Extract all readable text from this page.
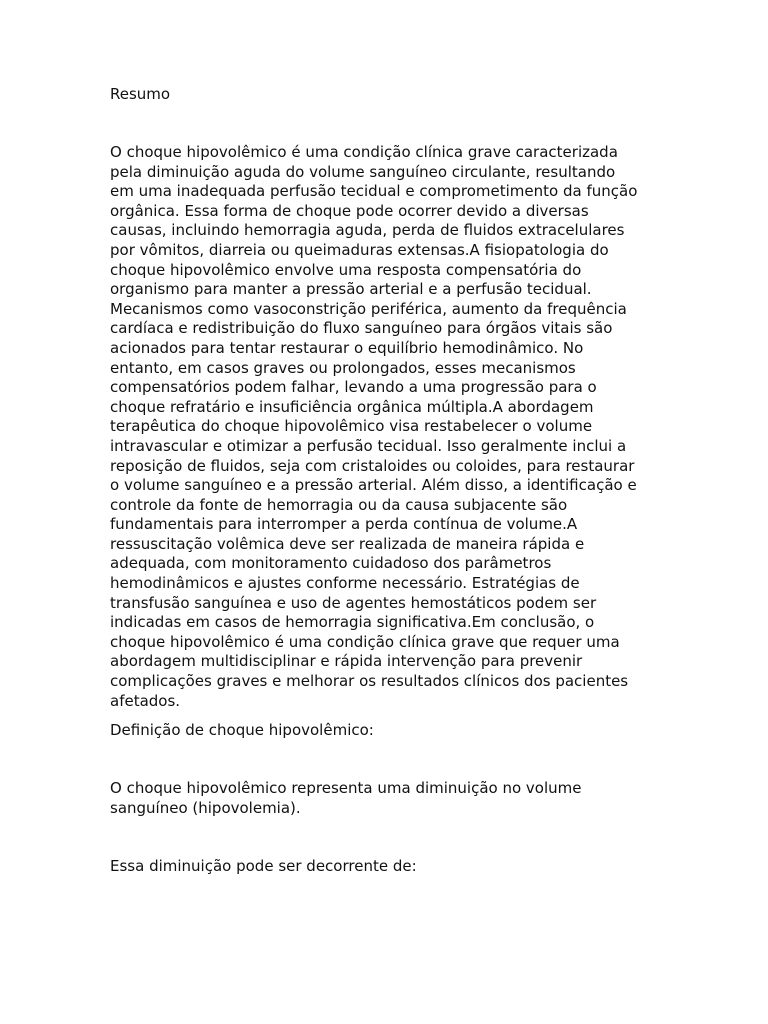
Resumo

O choque hipovolêmico é uma condição clínica grave caracterizada
pela diminuição aguda do volume sanguíneo circulante, resultando
em uma inadequada perfusão tecidual e comprometimento da função
orgânica. Essa forma de choque pode ocorrer devido a diversas
causas, incluindo hemorragia aguda, perda de fluidos extracelulares
por vômitos, diarreia ou queimaduras extensas.A fisiopatologia do
choque hipovolêmico envolve uma resposta compensatória do
organismo para manter a pressão arterial e a perfusão tecidual.
Mecanismos como vasoconstrição periférica, aumento da frequência
cardíaca e redistribuição do fluxo sanguíneo para órgãos vitais são
acionados para tentar restaurar o equilíbrio hemodinâmico. No
entanto, em casos graves ou prolongados, esses mecanismos
compensatórios podem falhar, levando a uma progressão para o
choque refratário e insuficiência orgânica múltipla.A abordagem
terapêutica do choque hipovolêmico visa restabelecer o volume
intravascular e otimizar a perfusão tecidual. Isso geralmente inclui a
reposição de fluidos, seja com cristaloides ou coloides, para restaurar
o volume sanguíneo e a pressão arterial. Além disso, a identificação e
controle da fonte de hemorragia ou da causa subjacente são
fundamentais para interromper a perda contínua de volume.A
ressuscitação volêmica deve ser realizada de maneira rápida e
adequada, com monitoramento cuidadoso dos parâmetros
hemodinâmicos e ajustes conforme necessário. Estratégias de
transfusão sanguínea e uso de agentes hemostáticos podem ser
indicadas em casos de hemorragia significativa.Em conclusão, o
choque hipovolêmico é uma condição clínica grave que requer uma
abordagem multidisciplinar e rápida intervenção para prevenir
complicações graves e melhorar os resultados clínicos dos pacientes
afetados.

Definição de choque hipovolêmico:

O choque hipovolêmico representa uma diminuição no volume
sanguíneo (hipovolemia).

Essa diminuição pode ser decorrente de:
